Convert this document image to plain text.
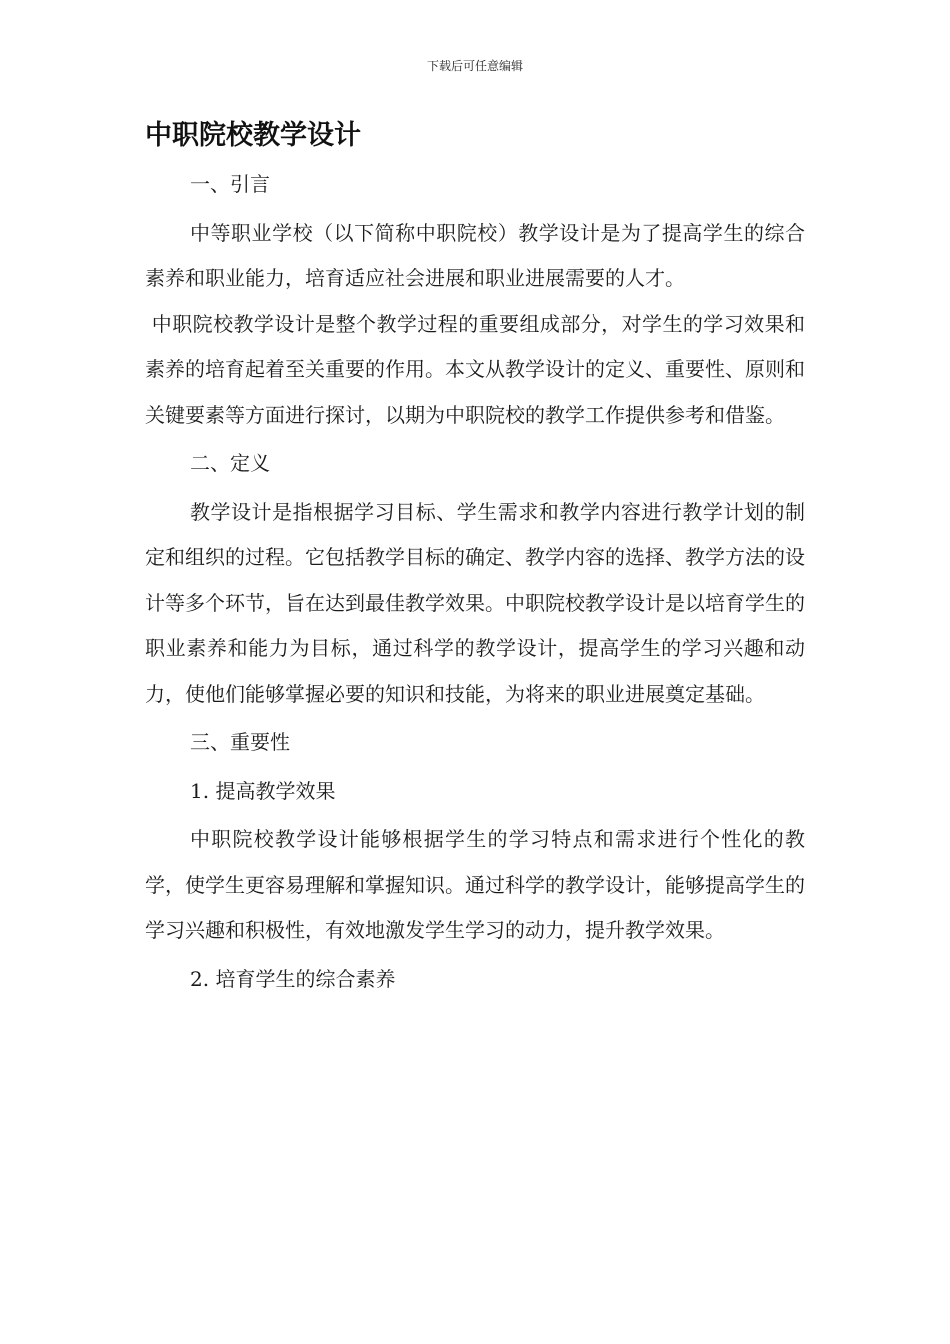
下载后可任意编辑
中职院校教学设计

一、引言

中等职业学校（以下简称中职院校）教学设计是为了提高学生的综合素养和职业能力，培育适应社会进展和职业进展需要的人才。

中职院校教学设计是整个教学过程的重要组成部分，对学生的学习效果和素养的培育起着至关重要的作用。本文从教学设计的定义、重要性、原则和关键要素等方面进行探讨，以期为中职院校的教学工作提供参考和借鉴。

二、定义

教学设计是指根据学习目标、学生需求和教学内容进行教学计划的制定和组织的过程。它包括教学目标的确定、教学内容的选择、教学方法的设计等多个环节，旨在达到最佳教学效果。中职院校教学设计是以培育学生的职业素养和能力为目标，通过科学的教学设计，提高学生的学习兴趣和动力，使他们能够掌握必要的知识和技能，为将来的职业进展奠定基础。

三、重要性

1. 提高教学效果

中职院校教学设计能够根据学生的学习特点和需求进行个性化的教学，使学生更容易理解和掌握知识。通过科学的教学设计，能够提高学生的学习兴趣和积极性，有效地激发学生学习的动力，提升教学效果。

2. 培育学生的综合素养
